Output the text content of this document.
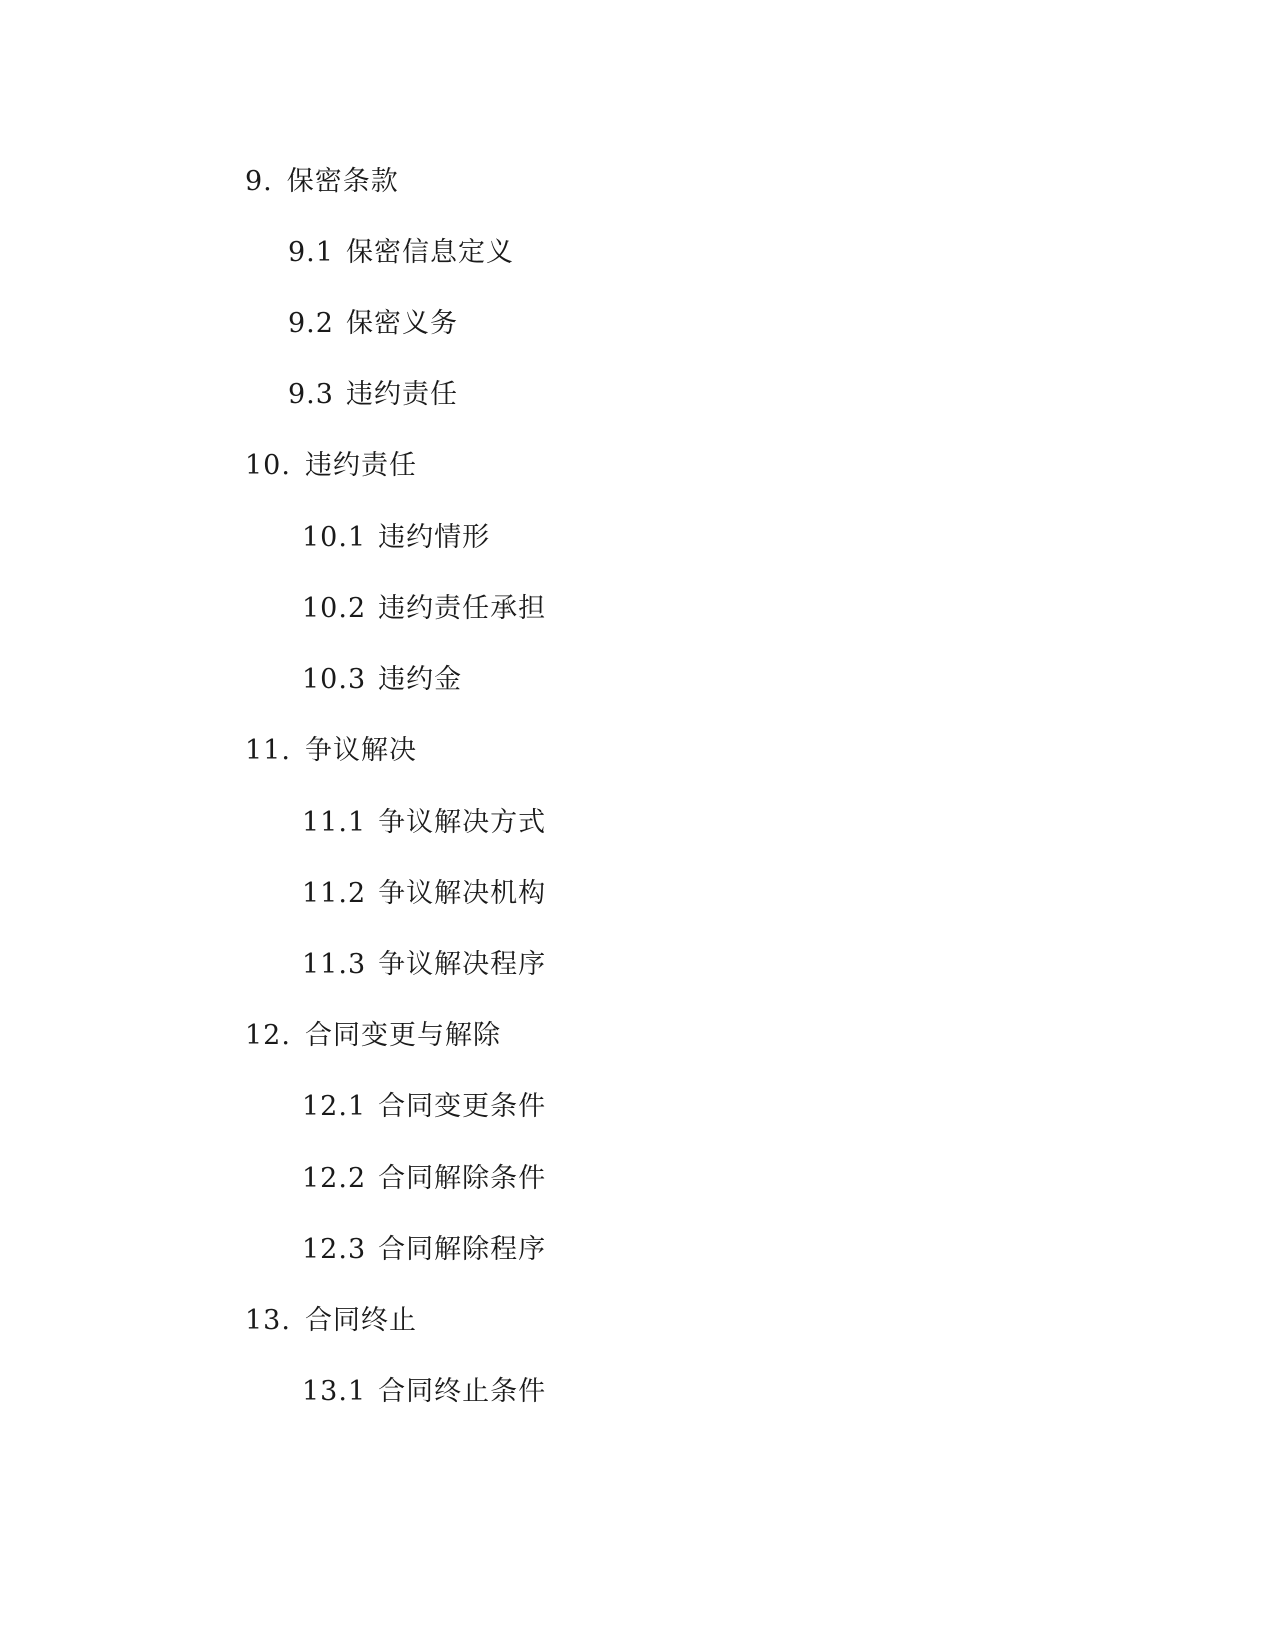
9. 保密条款
9.1 保密信息定义
9.2 保密义务
9.3 违约责任
10. 违约责任
10.1 违约情形
10.2 违约责任承担
10.3 违约金
11. 争议解决
11.1 争议解决方式
11.2 争议解决机构
11.3 争议解决程序
12. 合同变更与解除
12.1 合同变更条件
12.2 合同解除条件
12.3 合同解除程序
13. 合同终止
13.1 合同终止条件
